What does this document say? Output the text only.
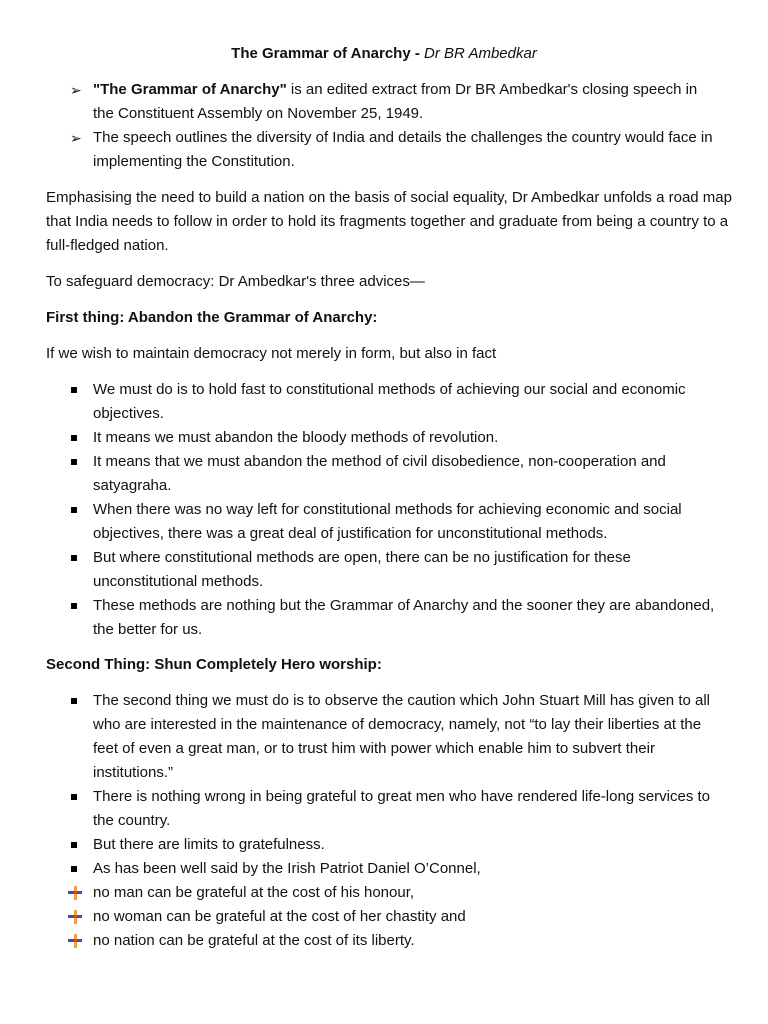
The Grammar of Anarchy - Dr BR Ambedkar
➢ "The Grammar of Anarchy" is an edited extract from Dr BR Ambedkar's closing speech in the Constituent Assembly on November 25, 1949.
➢ The speech outlines the diversity of India and details the challenges the country would face in implementing the Constitution.

Emphasising the need to build a nation on the basis of social equality, Dr Ambedkar unfolds a road map that India needs to follow in order to hold its fragments together and graduate from being a country to a full-fledged nation.

To safeguard democracy: Dr Ambedkar's three advices—

First thing: Abandon the Grammar of Anarchy:

If we wish to maintain democracy not merely in form, but also in fact

We must do is to hold fast to constitutional methods of achieving our social and economic objectives.
It means we must abandon the bloody methods of revolution.
It means that we must abandon the method of civil disobedience, non-cooperation and satyagraha.
When there was no way left for constitutional methods for achieving economic and social objectives, there was a great deal of justification for unconstitutional methods.
But where constitutional methods are open, there can be no justification for these unconstitutional methods.
These methods are nothing but the Grammar of Anarchy and the sooner they are abandoned, the better for us.

Second Thing: Shun Completely Hero worship:

The second thing we must do is to observe the caution which John Stuart Mill has given to all who are interested in the maintenance of democracy, namely, not “to lay their liberties at the feet of even a great man, or to trust him with power which enable him to subvert their institutions.”
There is nothing wrong in being grateful to great men who have rendered life-long services to the country.
But there are limits to gratefulness.
As has been well said by the Irish Patriot Daniel O’Connel,
no man can be grateful at the cost of his honour,
no woman can be grateful at the cost of her chastity and
no nation can be grateful at the cost of its liberty.
